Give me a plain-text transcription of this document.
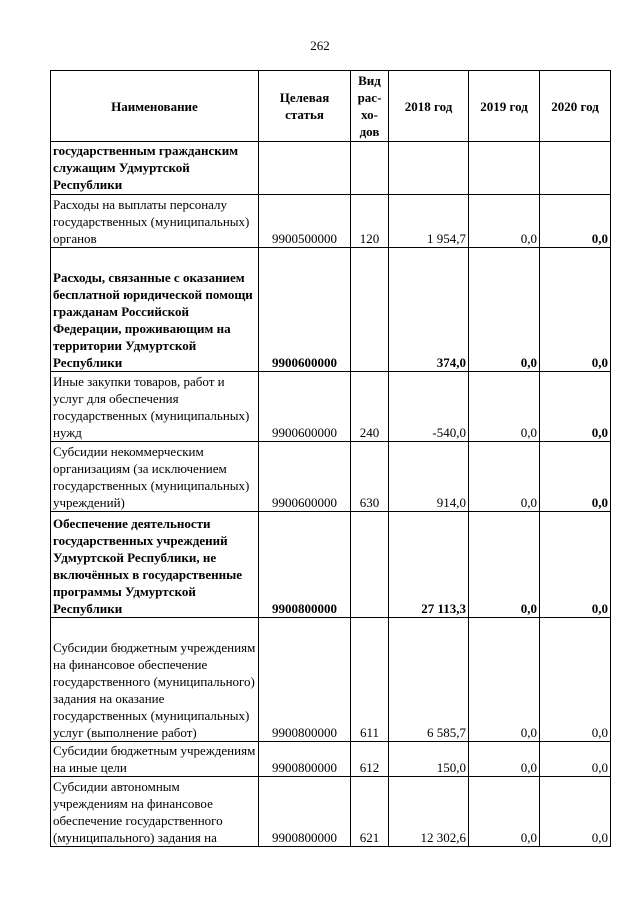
262
Наименование	Целевая статья	Вид рас-хо-дов	2018 год	2019 год	2020 год
государственным гражданским служащим Удмуртской Республики					
Расходы на выплаты персоналу государственных (муниципальных) органов	9900500000	120	1 954,7	0,0	0,0
Расходы, связанные с оказанием бесплатной юридической помощи гражданам Российской Федерации, проживающим на территории Удмуртской Республики	9900600000		374,0	0,0	0,0
Иные закупки товаров, работ и услуг для обеспечения государственных (муниципальных) нужд	9900600000	240	-540,0	0,0	0,0
Субсидии некоммерческим организациям (за исключением государственных (муниципальных) учреждений)	9900600000	630	914,0	0,0	0,0
Обеспечение деятельности государственных учреждений Удмуртской Республики, не включённых в государственные программы Удмуртской Республики	9900800000		27 113,3	0,0	0,0
Субсидии бюджетным учреждениям на финансовое обеспечение государственного (муниципального) задания на оказание государственных (муниципальных) услуг (выполнение работ)	9900800000	611	6 585,7	0,0	0,0
Субсидии бюджетным учреждениям на иные цели	9900800000	612	150,0	0,0	0,0
Субсидии автономным учреждениям на финансовое обеспечение государственного (муниципального) задания на	9900800000	621	12 302,6	0,0	0,0
